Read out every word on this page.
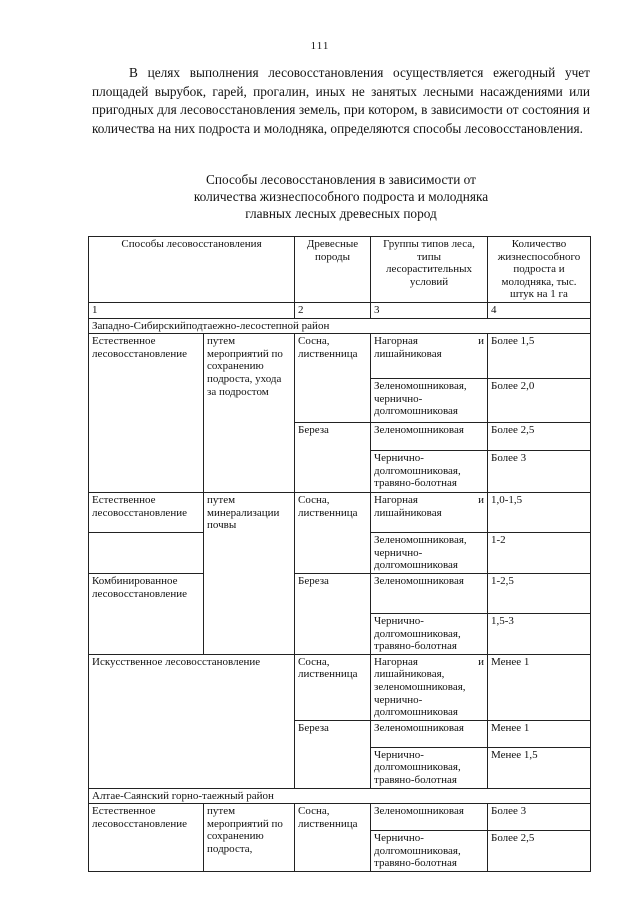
111

В целях выполнения лесовосстановления осуществляется ежегодный учет площадей вырубок, гарей, прогалин, иных не занятых лесными насаждениями или пригодных для лесовосстановления земель, при котором, в зависимости от состояния и количества на них подроста и молодняка, определяются способы лесовосстановления.

Способы лесовосстановления в зависимости от
количества жизнеспособного подроста и молодняка
главных лесных древесных пород
Способы лесовосстановления		Древесные породы	Группы типов леса, типы лесорастительных условий	Количество жизнеспособного подроста и молодняка, тыс. штук на 1 га
1		2	3	4
Западно-Сибирскийподтаежно-лесостепной район				
Естественное лесовосстановление	путем мероприятий по сохранению подроста, ухода за подростом	Сосна, лиственница	Нагорная и лишайниковая	Более 1,5
			Зеленомошниковая, чернично-долгомошниковая	Более 2,0
		Береза	Зеленомошниковая	Более 2,5
			Чернично-долгомошниковая, травяно-болотная	Более 3
Естественное лесовосстановление	путем минерализации почвы	Сосна, лиственница	Нагорная и лишайниковая	1,0-1,5
			Зеленомошниковая, чернично-долгомошниковая	1-2
Комбинированное лесовосстановление		Береза	Зеленомошниковая	1-2,5
			Чернично-долгомошниковая, травяно-болотная	1,5-3
Искусственное лесовосстановление		Сосна, лиственница	Нагорная и лишайниковая, зеленомошниковая, чернично-долгомошниковая	Менее 1
		Береза	Зеленомошниковая	Менее 1
			Чернично-долгомошниковая, травяно-болотная	Менее 1,5
Алтае-Саянский горно-таежный район				
Естественное лесовосстановление	путем мероприятий по сохранению подроста,	Сосна, лиственница	Зеленомошниковая	Более 3
			Чернично-долгомошниковая, травяно-болотная	Более 2,5
